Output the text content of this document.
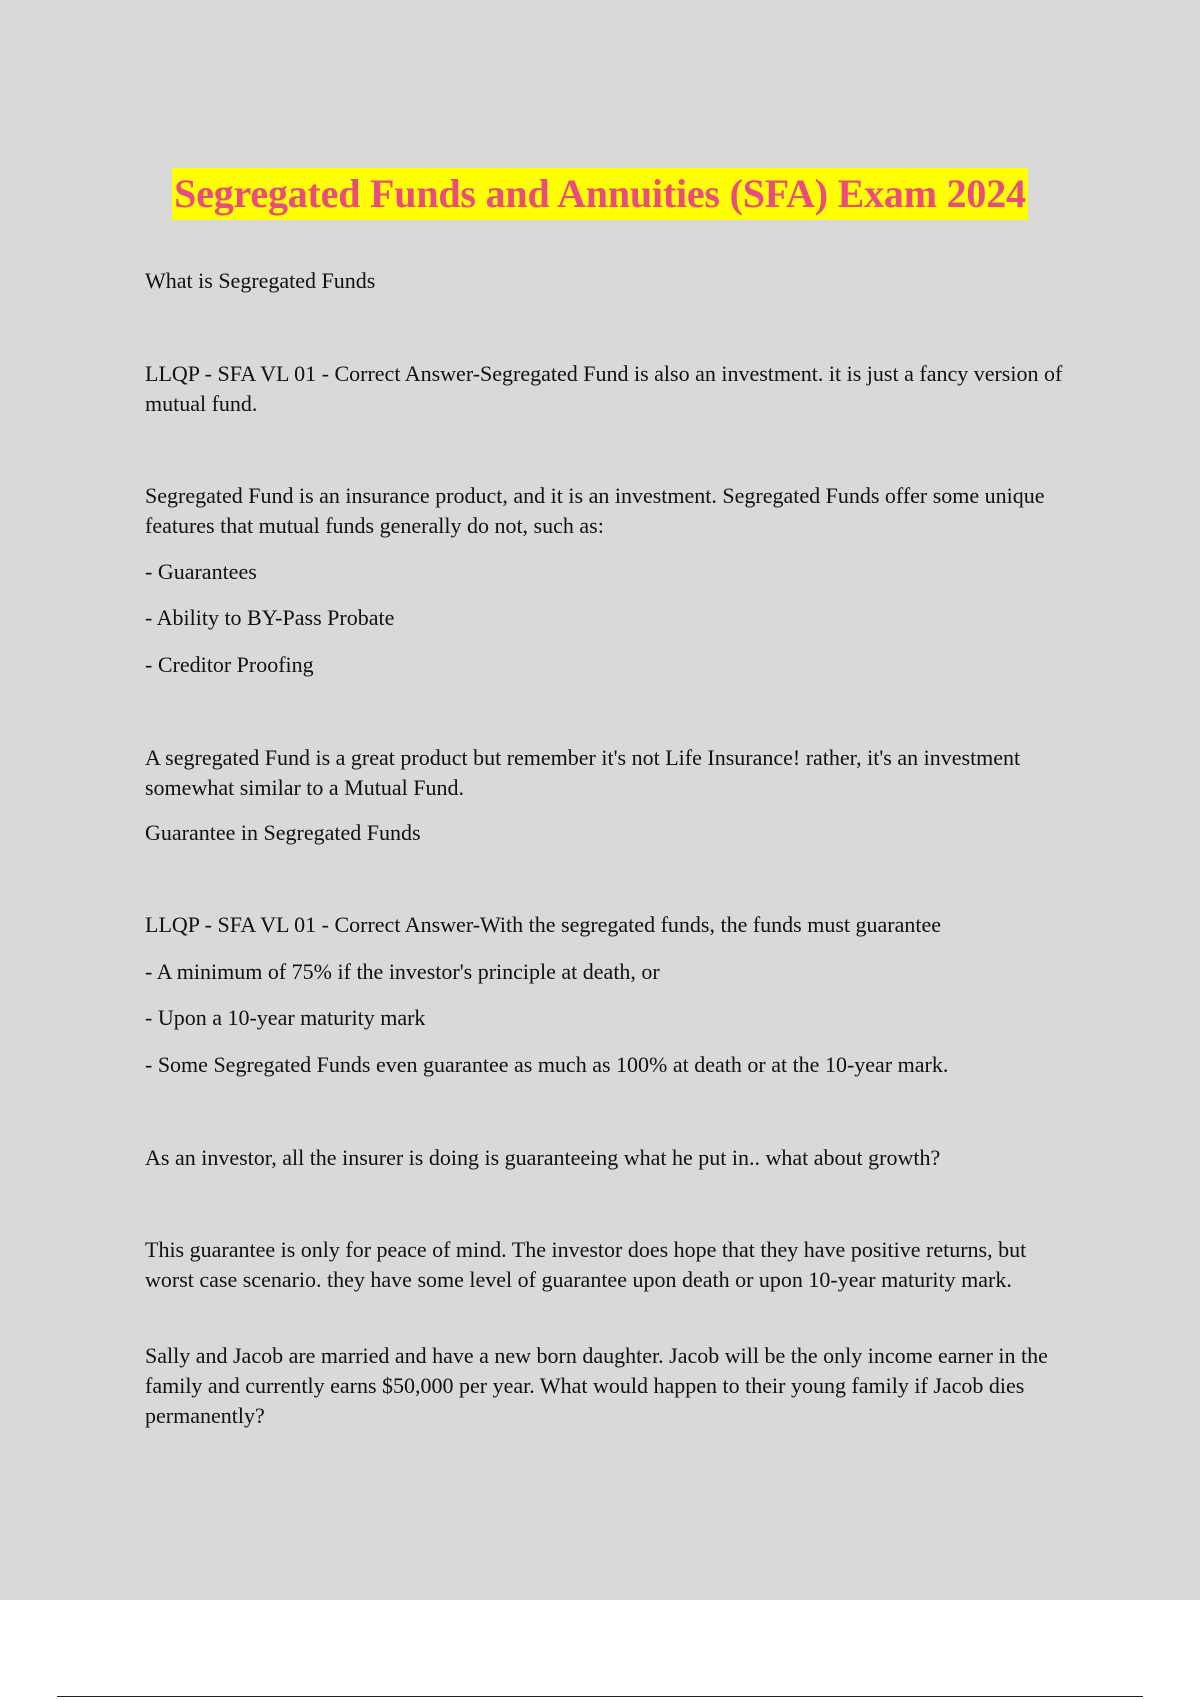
Segregated Funds and Annuities (SFA) Exam 2024

What is Segregated Funds

LLQP - SFA VL 01 - Correct Answer-Segregated Fund is also an investment. it is just a fancy version of mutual fund.

Segregated Fund is an insurance product, and it is an investment. Segregated Funds offer some unique features that mutual funds generally do not, such as:

- Guarantees

- Ability to BY-Pass Probate

- Creditor Proofing

A segregated Fund is a great product but remember it's not Life Insurance! rather, it's an investment somewhat similar to a Mutual Fund.

Guarantee in Segregated Funds

LLQP - SFA VL 01 - Correct Answer-With the segregated funds, the funds must guarantee

- A minimum of 75% if the investor's principle at death, or

- Upon a 10-year maturity mark

- Some Segregated Funds even guarantee as much as 100% at death or at the 10-year mark.

As an investor, all the insurer is doing is guaranteeing what he put in.. what about growth?

This guarantee is only for peace of mind. The investor does hope that they have positive returns, but worst case scenario. they have some level of guarantee upon death or upon 10-year maturity mark.

Sally and Jacob are married and have a new born daughter. Jacob will be the only income earner in the family and currently earns $50,000 per year. What would happen to their young family if Jacob dies permanently?
